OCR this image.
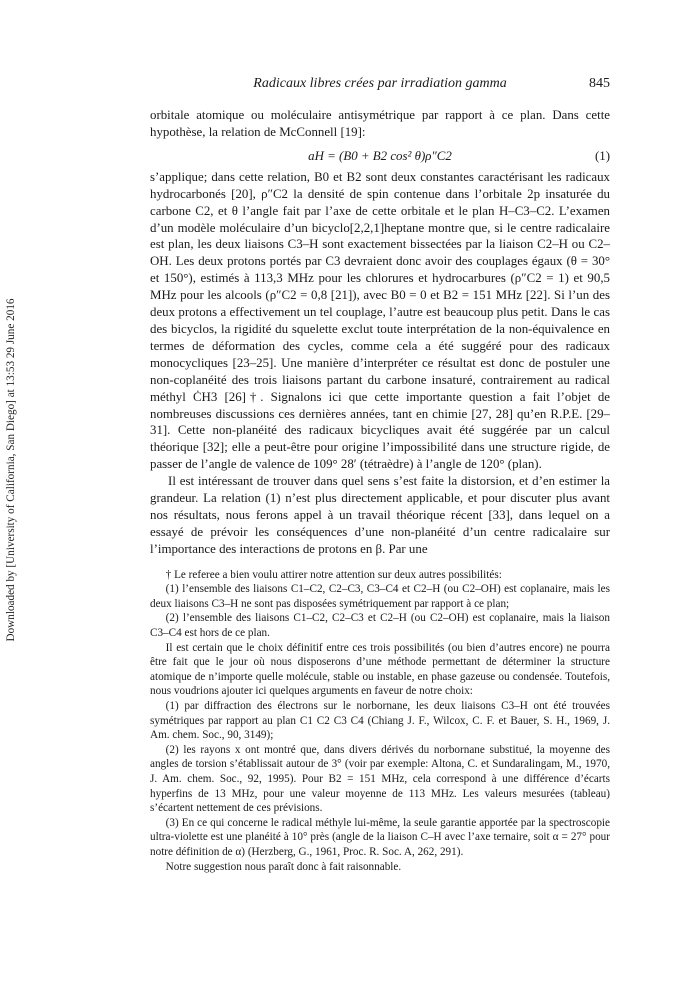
Downloaded by [University of California, San Diego] at 13:53 29 June 2016
Radicaux libres crées par irradiation gamma	845

orbitale atomique ou moléculaire antisymétrique par rapport à ce plan. Dans cette hypothèse, la relation de McConnell [19]:

aH = (B0 + B2 cos² θ)ρ″C2	(1)

s’applique; dans cette relation, B0 et B2 sont deux constantes caractérisant les radicaux hydrocarbonés [20], ρ″C2 la densité de spin contenue dans l’orbitale 2p insaturée du carbone C2, et θ l’angle fait par l’axe de cette orbitale et le plan H–C3–C2. L’examen d’un modèle moléculaire d’un bicyclo[2,2,1]heptane montre que, si le centre radicalaire est plan, les deux liaisons C3–H sont exactement bissectées par la liaison C2–H ou C2–OH. Les deux protons portés par C3 devraient donc avoir des couplages égaux (θ = 30° et 150°), estimés à 113,3 MHz pour les chlorures et hydrocarbures (ρ″C2 = 1) et 90,5 MHz pour les alcools (ρ″C2 = 0,8 [21]), avec B0 = 0 et B2 = 151 MHz [22]. Si l’un des deux protons a effectivement un tel couplage, l’autre est beaucoup plus petit. Dans le cas des bicyclos, la rigidité du squelette exclut toute interprétation de la non-équivalence en termes de déformation des cycles, comme cela a été suggéré pour des radicaux monocycliques [23–25]. Une manière d’interpréter ce résultat est donc de postuler une non-coplanéité des trois liaisons partant du carbone insaturé, contrairement au radical méthyl ĊH3 [26]†. Signalons ici que cette importante question a fait l’objet de nombreuses discussions ces dernières années, tant en chimie [27, 28] qu’en R.P.E. [29–31]. Cette non-planéité des radicaux bicycliques avait été suggérée par un calcul théorique [32]; elle a peut-être pour origine l’impossibilité dans une structure rigide, de passer de l’angle de valence de 109° 28′ (tétraèdre) à l’angle de 120° (plan).

Il est intéressant de trouver dans quel sens s’est faite la distorsion, et d’en estimer la grandeur. La relation (1) n’est plus directement applicable, et pour discuter plus avant nos résultats, nous ferons appel à un travail théorique récent [33], dans lequel on a essayé de prévoir les conséquences d’une non-planéité d’un centre radicalaire sur l’importance des interactions de protons en β. Par une

† Le referee a bien voulu attirer notre attention sur deux autres possibilités:

(1) l’ensemble des liaisons C1–C2, C2–C3, C3–C4 et C2–H (ou C2–OH) est coplanaire, mais les deux liaisons C3–H ne sont pas disposées symétriquement par rapport à ce plan;

(2) l’ensemble des liaisons C1–C2, C2–C3 et C2–H (ou C2–OH) est coplanaire, mais la liaison C3–C4 est hors de ce plan.

Il est certain que le choix définitif entre ces trois possibilités (ou bien d’autres encore) ne pourra être fait que le jour où nous disposerons d’une méthode permettant de déterminer la structure atomique de n’importe quelle molécule, stable ou instable, en phase gazeuse ou condensée. Toutefois, nous voudrions ajouter ici quelques arguments en faveur de notre choix:

(1) par diffraction des électrons sur le norbornane, les deux liaisons C3–H ont été trouvées symétriques par rapport au plan C1 C2 C3 C4 (Chiang J. F., Wilcox, C. F. et Bauer, S. H., 1969, J. Am. chem. Soc., 90, 3149);

(2) les rayons x ont montré que, dans divers dérivés du norbornane substitué, la moyenne des angles de torsion s’établissait autour de 3° (voir par exemple: Altona, C. et Sundaralingam, M., 1970, J. Am. chem. Soc., 92, 1995). Pour B2 = 151 MHz, cela correspond à une différence d’écarts hyperfins de 13 MHz, pour une valeur moyenne de 113 MHz. Les valeurs mesurées (tableau) s’écartent nettement de ces prévisions.

(3) En ce qui concerne le radical méthyle lui-même, la seule garantie apportée par la spectroscopie ultra-violette est une planéité à 10° près (angle de la liaison C–H avec l’axe ternaire, soit α = 27° pour notre définition de α) (Herzberg, G., 1961, Proc. R. Soc. A, 262, 291).

Notre suggestion nous paraît donc à fait raisonnable.
